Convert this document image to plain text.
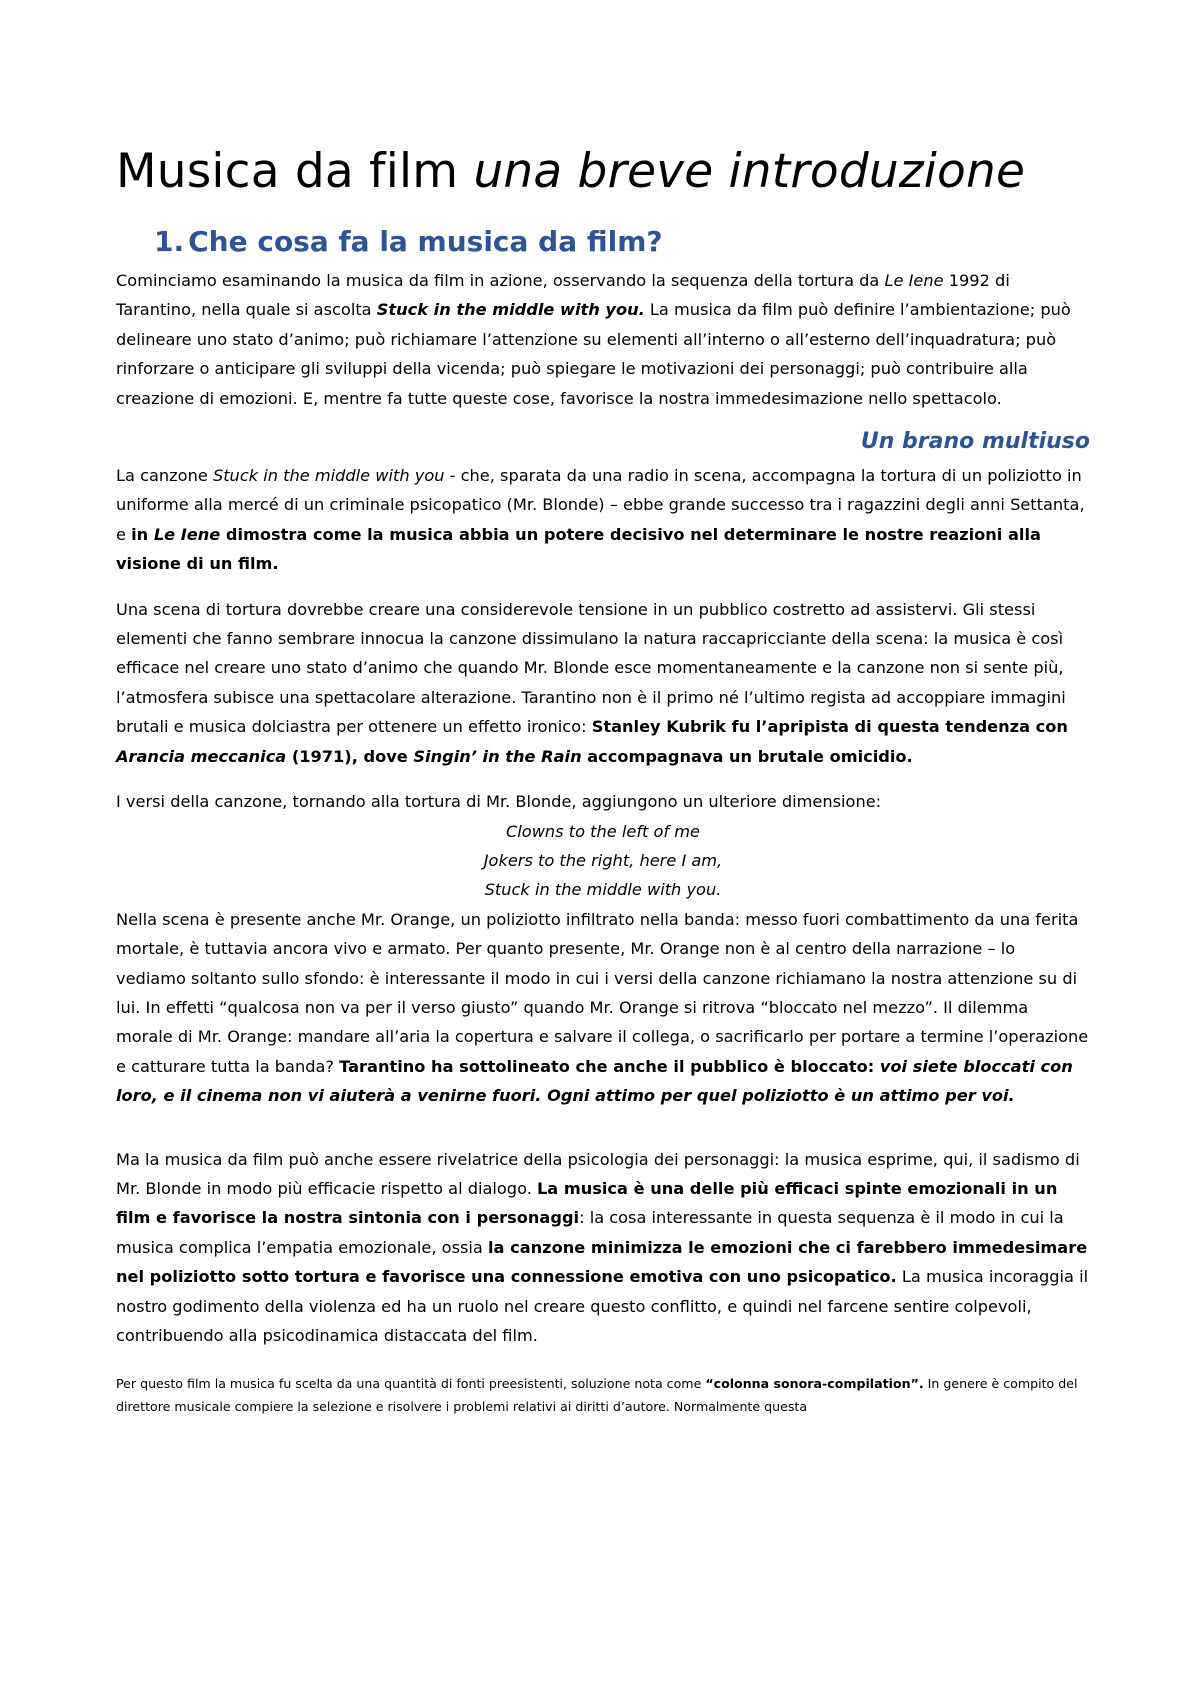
Musica da film una breve introduzione
1. Che cosa fa la musica da film?

Cominciamo esaminando la musica da film in azione, osservando la sequenza della tortura da Le Iene 1992 di Tarantino, nella quale si ascolta Stuck in the middle with you. La musica da film può definire l’ambientazione; può delineare uno stato d’animo; può richiamare l’attenzione su elementi all’interno o all’esterno dell’inquadratura; può rinforzare o anticipare gli sviluppi della vicenda; può spiegare le motivazioni dei personaggi; può contribuire alla creazione di emozioni. E, mentre fa tutte queste cose, favorisce la nostra immedesimazione nello spettacolo.

Un brano multiuso

La canzone Stuck in the middle with you - che, sparata da una radio in scena, accompagna la tortura di un poliziotto in uniforme alla mercé di un criminale psicopatico (Mr. Blonde) – ebbe grande successo tra i ragazzini degli anni Settanta, e in Le Iene dimostra come la musica abbia un potere decisivo nel determinare le nostre reazioni alla visione di un film.

Una scena di tortura dovrebbe creare una considerevole tensione in un pubblico costretto ad assistervi. Gli stessi elementi che fanno sembrare innocua la canzone dissimulano la natura raccapricciante della scena: la musica è così efficace nel creare uno stato d’animo che quando Mr. Blonde esce momentaneamente e la canzone non si sente più, l’atmosfera subisce una spettacolare alterazione. Tarantino non è il primo né l’ultimo regista ad accoppiare immagini brutali e musica dolciastra per ottenere un effetto ironico: Stanley Kubrik fu l’apripista di questa tendenza con Arancia meccanica (1971), dove Singin’ in the Rain accompagnava un brutale omicidio.

I versi della canzone, tornando alla tortura di Mr. Blonde, aggiungono un ulteriore dimensione:

Clowns to the left of me

Jokers to the right, here I am,

Stuck in the middle with you.

Nella scena è presente anche Mr. Orange, un poliziotto infiltrato nella banda: messo fuori combattimento da una ferita mortale, è tuttavia ancora vivo e armato. Per quanto presente, Mr. Orange non è al centro della narrazione – lo vediamo soltanto sullo sfondo: è interessante il modo in cui i versi della canzone richiamano la nostra attenzione su di lui. In effetti “qualcosa non va per il verso giusto” quando Mr. Orange si ritrova “bloccato nel mezzo”. Il dilemma morale di Mr. Orange: mandare all’aria la copertura e salvare il collega, o sacrificarlo per portare a termine l’operazione e catturare tutta la banda? Tarantino ha sottolineato che anche il pubblico è bloccato: voi siete bloccati con loro, e il cinema non vi aiuterà a venirne fuori. Ogni attimo per quel poliziotto è un attimo per voi.

Ma la musica da film può anche essere rivelatrice della psicologia dei personaggi: la musica esprime, qui, il sadismo di Mr. Blonde in modo più efficacie rispetto al dialogo. La musica è una delle più efficaci spinte emozionali in un film e favorisce la nostra sintonia con i personaggi: la cosa interessante in questa sequenza è il modo in cui la musica complica l’empatia emozionale, ossia la canzone minimizza le emozioni che ci farebbero immedesimare nel poliziotto sotto tortura e favorisce una connessione emotiva con uno psicopatico. La musica incoraggia il nostro godimento della violenza ed ha un ruolo nel creare questo conflitto, e quindi nel farcene sentire colpevoli, contribuendo alla psicodinamica distaccata del film.

Per questo film la musica fu scelta da una quantità di fonti preesistenti, soluzione nota come “colonna sonora-compilation”. In genere è compito del direttore musicale compiere la selezione e risolvere i problemi relativi ai diritti d’autore. Normalmente questa
